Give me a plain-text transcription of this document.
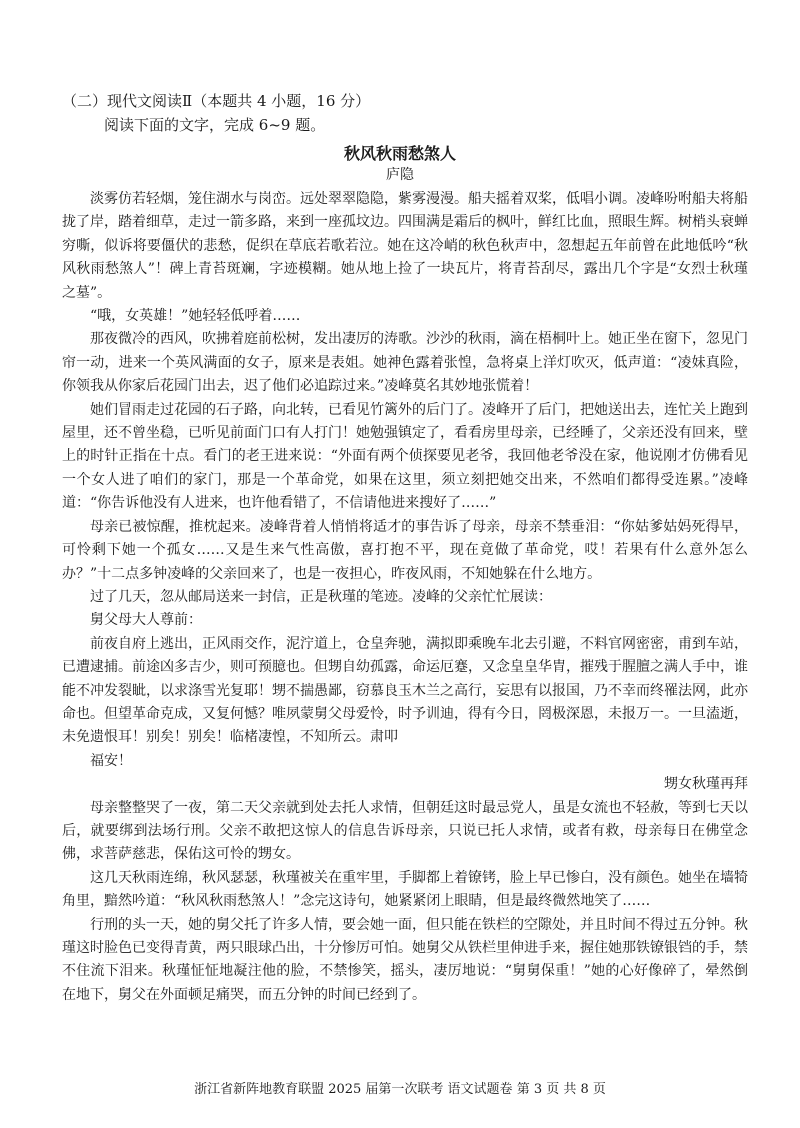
（二）现代文阅读Ⅱ（本题共 4 小题，16 分）
阅读下面的文字，完成 6~9 题。
秋风秋雨愁煞人
庐隐

淡雾仿若轻烟，笼住湖水与岗峦。远处翠翠隐隐，紫雾漫漫。船夫摇着双桨，低唱小调。凌峰吩咐船夫将船拢了岸，踏着细草，走过一箭多路，来到一座孤坟边。四围满是霜后的枫叶，鲜红比血，照眼生辉。树梢头衰蝉穷嘶，似诉将要僵伏的悲愁，促织在草底若歌若泣。她在这冷峭的秋色秋声中，忽想起五年前曾在此地低吟“秋风秋雨愁煞人”！碑上青苔斑斓，字迹模糊。她从地上捡了一块瓦片，将青苔刮尽，露出几个字是“女烈士秋瑾之墓”。

“哦，女英雄！”她轻轻低呼着……

那夜微冷的西风，吹拂着庭前松树，发出凄厉的涛歌。沙沙的秋雨，滴在梧桐叶上。她正坐在窗下，忽见门帘一动，进来一个英风满面的女子，原来是表姐。她神色露着张惶，急将桌上洋灯吹灭，低声道：“凌妹真险，你领我从你家后花园门出去，迟了他们必追踪过来。”凌峰莫名其妙地张慌着！

她们冒雨走过花园的石子路，向北转，已看见竹篱外的后门了。凌峰开了后门，把她送出去，连忙关上跑到屋里，还不曾坐稳，已听见前面门口有人打门！她勉强镇定了，看看房里母亲，已经睡了，父亲还没有回来，壁上的时针正指在十点。看门的老王进来说：“外面有两个侦探要见老爷，我回他老爷没在家，他说刚才仿佛看见一个女人进了咱们的家门，那是一个革命党，如果在这里，须立刻把她交出来，不然咱们都得受连累。”凌峰道：“你告诉他没有人进来，也许他看错了，不信请他进来搜好了……”

母亲已被惊醒，推枕起来。凌峰背着人悄悄将适才的事告诉了母亲，母亲不禁垂泪：“你姑爹姑妈死得早，可怜剩下她一个孤女……又是生来气性高傲，喜打抱不平，现在竟做了革命党，哎！若果有什么意外怎么办？”十二点多钟凌峰的父亲回来了，也是一夜担心，昨夜风雨，不知她躲在什么地方。

过了几天，忽从邮局送来一封信，正是秋瑾的笔迹。凌峰的父亲忙忙展读：

舅父母大人尊前：

前夜自府上逃出，正风雨交作，泥泞道上，仓皇奔驰，满拟即乘晚车北去引避，不料官网密密，甫到车站，已遭逮捕。前途凶多吉少，则可预臆也。但甥自幼孤露，命运厄蹇，又念皇皇华胄，摧残于腥膻之满人手中，谁能不冲发裂眦，以求涤雪光复耶！甥不揣愚鄙，窃慕良玉木兰之高行，妄思有以报国，乃不幸而终罹法网，此亦命也。但望革命克成，又复何憾？唯夙蒙舅父母爱怜，时予训迪，得有今日，罔极深恩，未报万一。一旦溘逝，未免遗恨耳！别矣！别矣！临楮凄惶，不知所云。肃叩

福安！

甥女秋瑾再拜

母亲整整哭了一夜，第二天父亲就到处去托人求情，但朝廷这时最忌党人，虽是女流也不轻赦，等到七天以后，就要绑到法场行刑。父亲不敢把这惊人的信息告诉母亲，只说已托人求情，或者有救，母亲每日在佛堂念佛，求菩萨慈悲，保佑这可怜的甥女。

这几天秋雨连绵，秋风瑟瑟，秋瑾被关在重牢里，手脚都上着镣铐，脸上早已惨白，没有颜色。她坐在墙犄角里，黯然吟道：“秋风秋雨愁煞人！”念完这诗句，她紧紧闭上眼睛，但是最终微然地笑了……

行刑的头一天，她的舅父托了许多人情，要会她一面，但只能在铁栏的空隙处，并且时间不得过五分钟。秋瑾这时脸色已变得青黄，两只眼球凸出，十分惨厉可怕。她舅父从铁栏里伸进手来，握住她那铁镣银铛的手，禁不住流下泪来。秋瑾怔怔地凝注他的脸，不禁惨笑，摇头，凄厉地说：“舅舅保重！”她的心好像碎了，晕然倒在地下，舅父在外面顿足痛哭，而五分钟的时间已经到了。

浙江省新阵地教育联盟 2025 届第一次联考 语文试题卷 第 3 页 共 8 页
